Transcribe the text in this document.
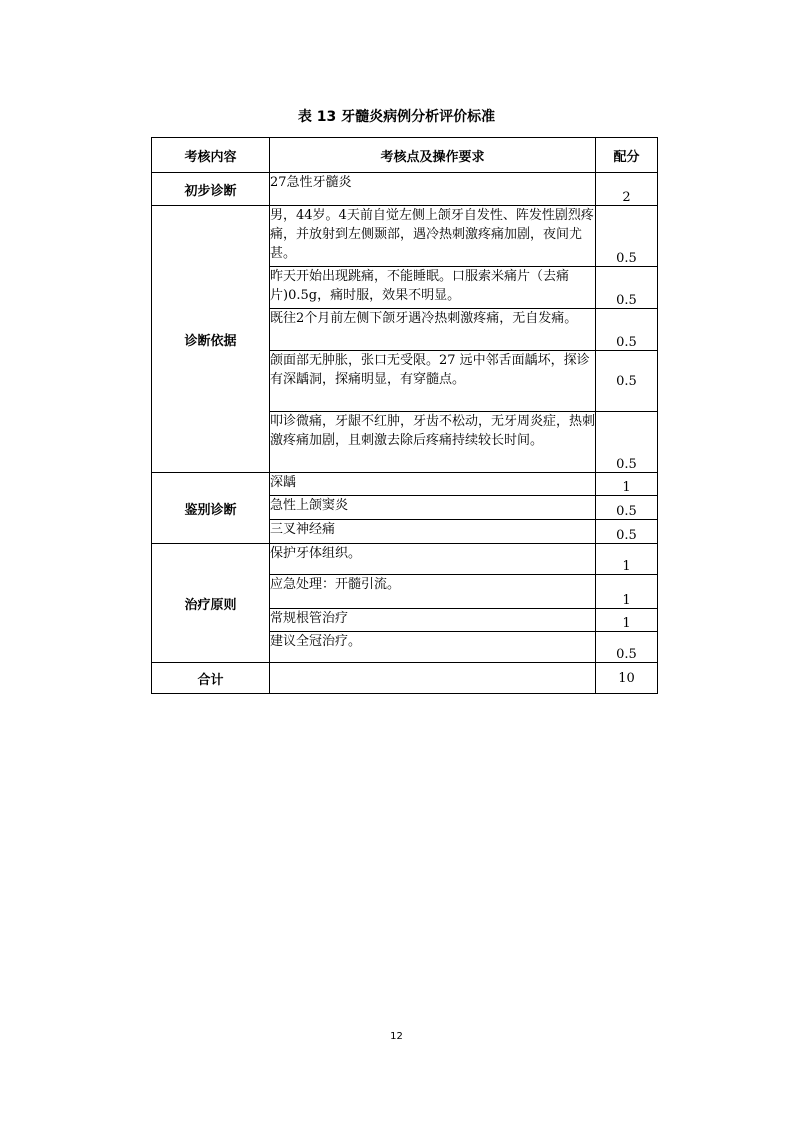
表 13 牙髓炎病例分析评价标准
考核内容	考核点及操作要求	配分
初步诊断	27急性牙髓炎	2
诊断依据	男，44岁。4天前自觉左侧上颌牙自发性、阵发性剧烈疼痛，并放射到左侧颞部，遇冷热刺激疼痛加剧，夜间尤甚。	0.5
	昨天开始出现跳痛，不能睡眠。口服索米痛片（去痛片)0.5g，痛时服，效果不明显。	0.5
	既往2个月前左侧下颌牙遇冷热刺激疼痛，无自发痛。	0.5
	颌面部无肿胀，张口无受限。27 远中邻舌面龋坏，探诊有深龋洞，探痛明显，有穿髓点。	0.5
	叩诊微痛，牙龈不红肿，牙齿不松动，无牙周炎症，热刺激疼痛加剧，且刺激去除后疼痛持续较长时间。	0.5
鉴别诊断	深龋	1
	急性上颌窦炎	0.5
	三叉神经痛	0.5
治疗原则	保护牙体组织。	1
	应急处理：开髓引流。	1
	常规根管治疗	1
	建议全冠治疗。	0.5
合计		10
12
